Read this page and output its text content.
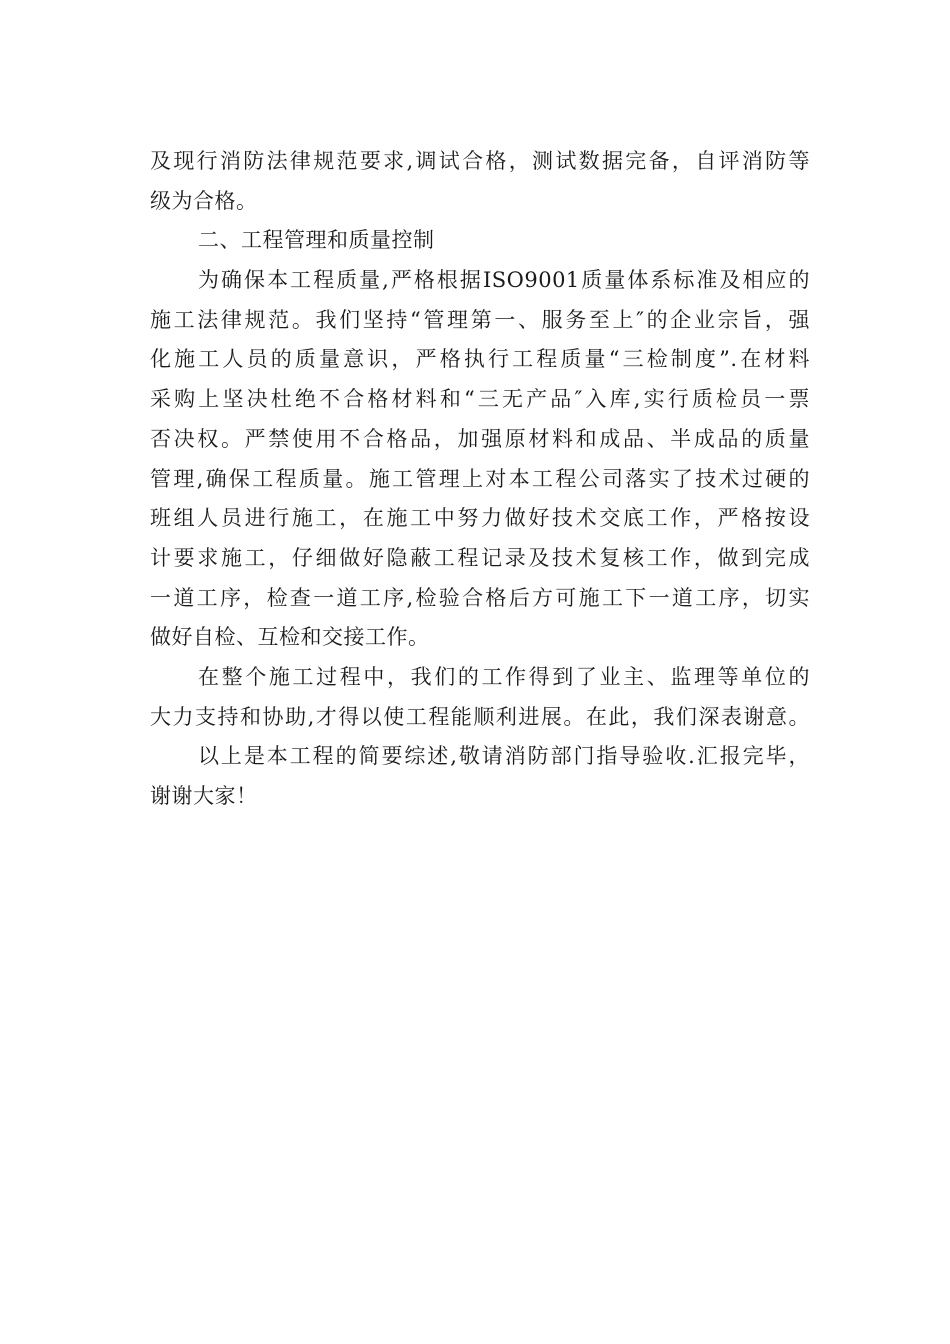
及现行消防法律规范要求,调试合格，测试数据完备，自评消防等
级为合格。
二、工程管理和质量控制
为确保本工程质量,严格根据ISO9001质量体系标准及相应的
施工法律规范。我们坚持“管理第一、服务至上″的企业宗旨，强
化施工人员的质量意识，严格执行工程质量“三检制度”.在材料
采购上坚决杜绝不合格材料和“三无产品″入库,实行质检员一票
否决权。严禁使用不合格品，加强原材料和成品、半成品的质量
管理,确保工程质量。施工管理上对本工程公司落实了技术过硬的
班组人员进行施工，在施工中努力做好技术交底工作，严格按设
计要求施工，仔细做好隐蔽工程记录及技术复核工作，做到完成
一道工序，检查一道工序,检验合格后方可施工下一道工序，切实
做好自检、互检和交接工作。
在整个施工过程中，我们的工作得到了业主、监理等单位的
大力支持和协助,才得以使工程能顺利进展。在此，我们深表谢意。
以上是本工程的简要综述,敬请消防部门指导验收.汇报完毕，
谢谢大家！
